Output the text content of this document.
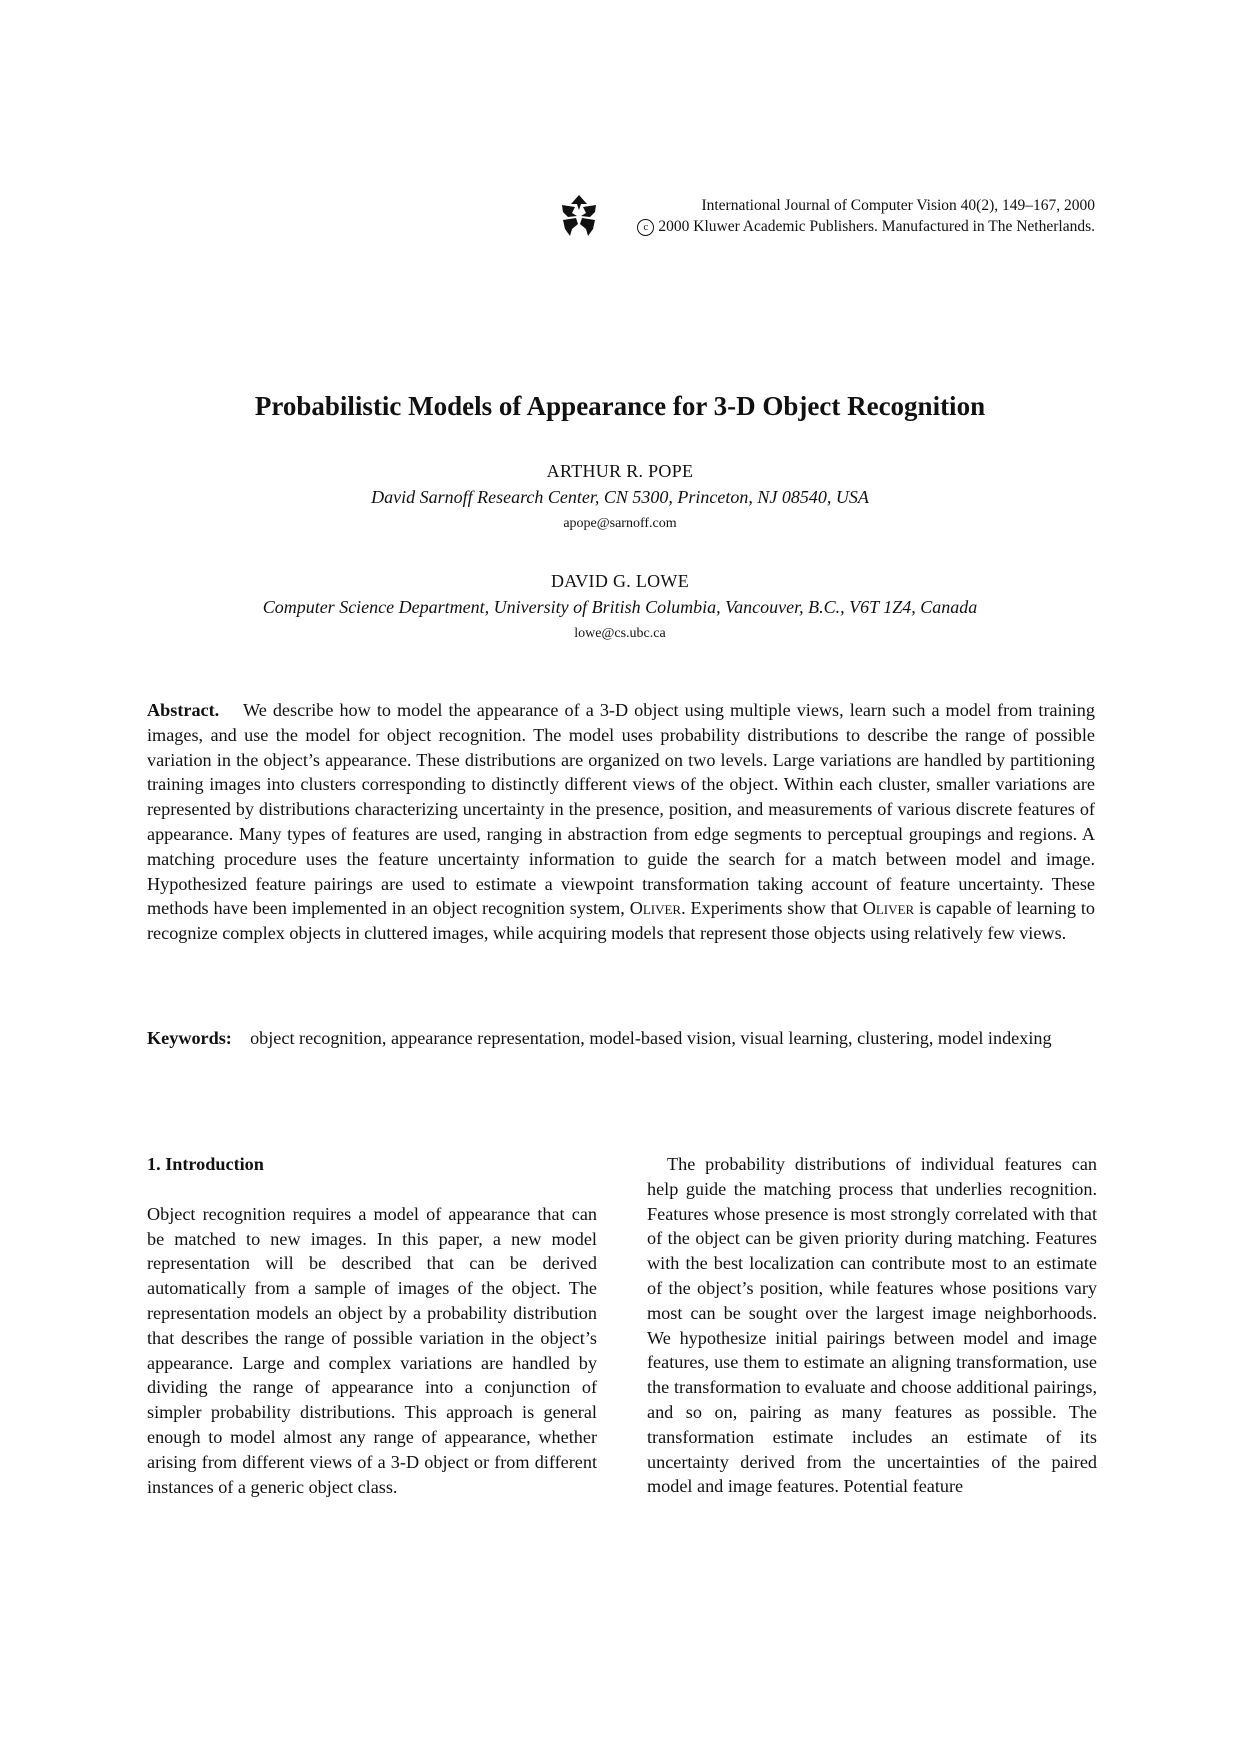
International Journal of Computer Vision 40(2), 149–167, 2000
c 2000 Kluwer Academic Publishers. Manufactured in The Netherlands.
Probabilistic Models of Appearance for 3-D Object Recognition
ARTHUR R. POPE
David Sarnoff Research Center, CN 5300, Princeton, NJ 08540, USA
apope@sarnoff.com
DAVID G. LOWE
Computer Science Department, University of British Columbia, Vancouver, B.C., V6T 1Z4, Canada
lowe@cs.ubc.ca

Abstract. We describe how to model the appearance of a 3-D object using multiple views, learn such a model from training images, and use the model for object recognition. The model uses probability distributions to describe the range of possible variation in the object’s appearance. These distributions are organized on two levels. Large variations are handled by partitioning training images into clusters corresponding to distinctly different views of the object. Within each cluster, smaller variations are represented by distributions characterizing uncertainty in the presence, position, and measurements of various discrete features of appearance. Many types of features are used, ranging in abstraction from edge segments to perceptual groupings and regions. A matching procedure uses the feature uncertainty information to guide the search for a match between model and image. Hypothesized feature pairings are used to estimate a viewpoint transformation taking account of feature uncertainty. These methods have been implemented in an object recognition system, Oliver. Experiments show that Oliver is capable of learning to recognize complex objects in cluttered images, while acquiring models that represent those objects using relatively few views.

Keywords: object recognition, appearance representation, model-based vision, visual learning, clustering, model indexing

1. Introduction

Object recognition requires a model of appearance that can be matched to new images. In this paper, a new model representation will be described that can be derived automatically from a sample of images of the object. The representation models an object by a probability distribution that describes the range of possible variation in the object’s appearance. Large and complex variations are handled by dividing the range of appearance into a conjunction of simpler probability distributions. This approach is general enough to model almost any range of appearance, whether arising from different views of a 3-D object or from different instances of a generic object class.

The probability distributions of individual features can help guide the matching process that underlies recognition. Features whose presence is most strongly correlated with that of the object can be given priority during matching. Features with the best localization can contribute most to an estimate of the object’s position, while features whose positions vary most can be sought over the largest image neighborhoods. We hypothesize initial pairings between model and image features, use them to estimate an aligning transformation, use the transformation to evaluate and choose additional pairings, and so on, pairing as many features as possible. The transformation estimate includes an estimate of its uncertainty derived from the uncertainties of the paired model and image features. Potential feature
